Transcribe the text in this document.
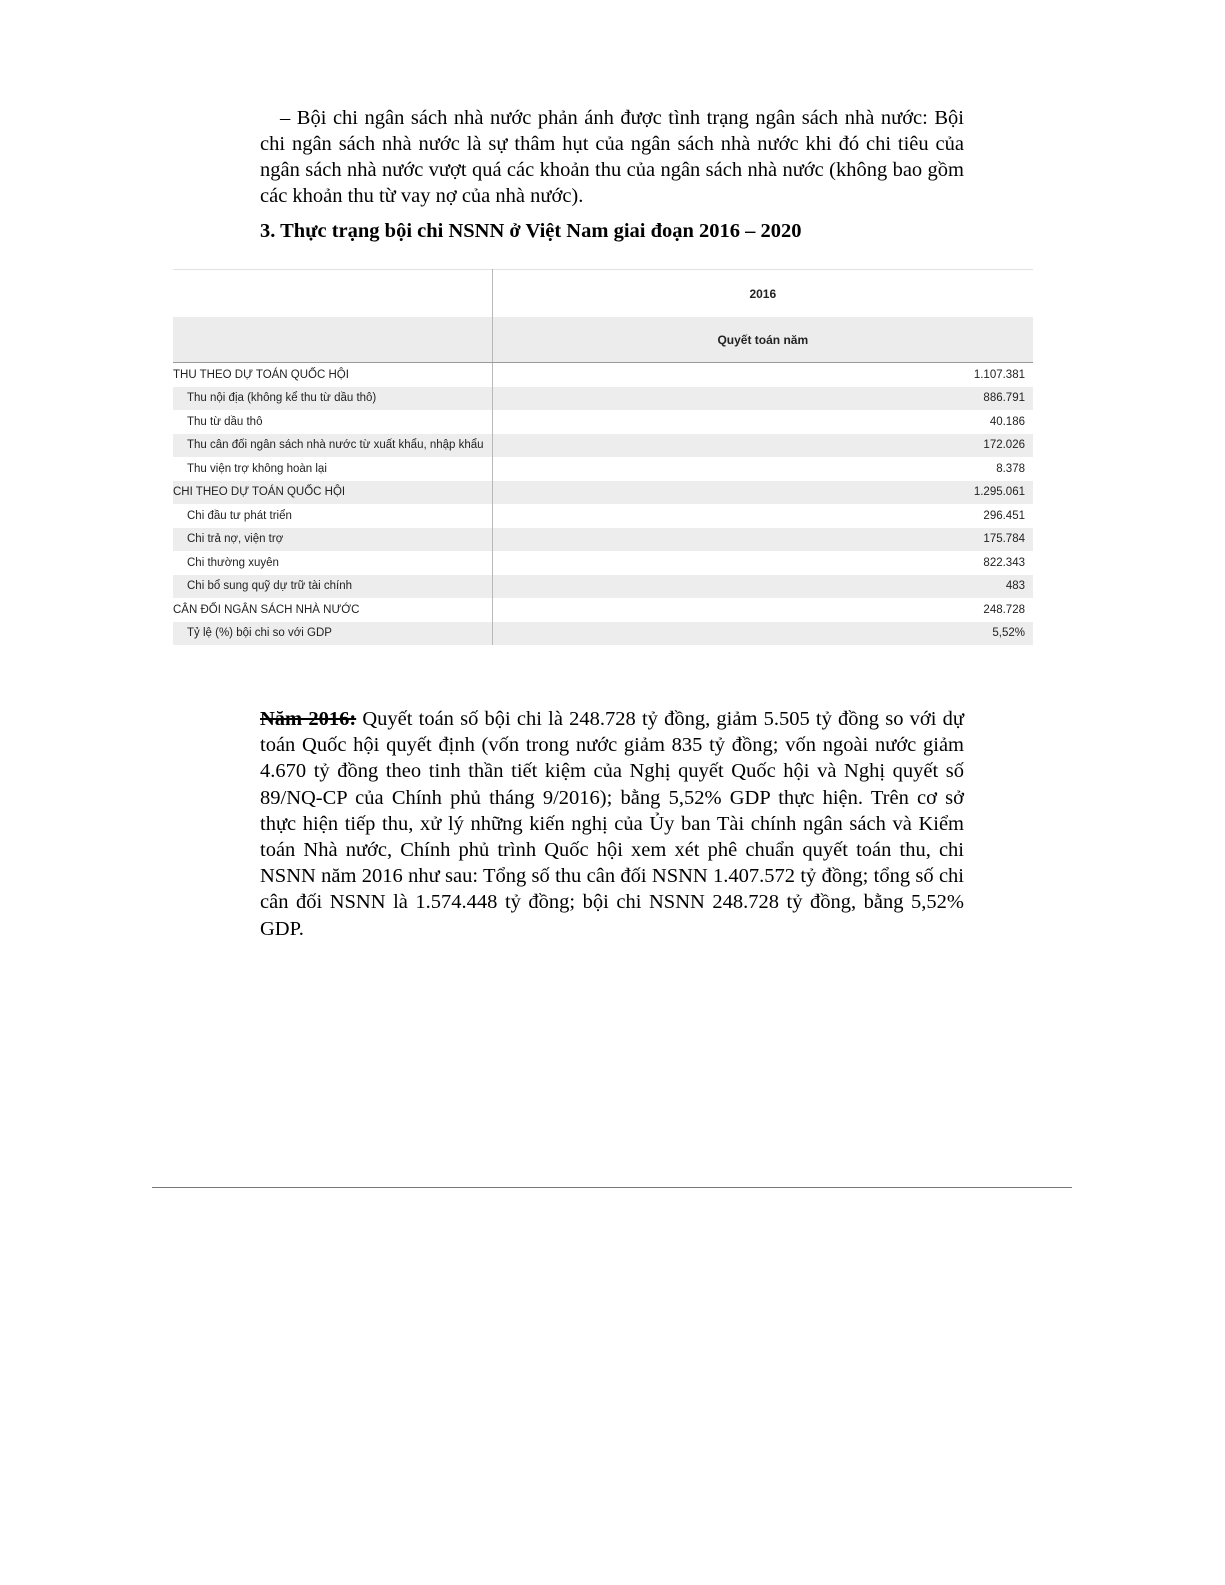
– Bội chi ngân sách nhà nước phản ánh được tình trạng ngân sách nhà nước: Bội chi ngân sách nhà nước là sự thâm hụt của ngân sách nhà nước khi đó chi tiêu của ngân sách nhà nước vượt quá các khoản thu của ngân sách nhà nước (không bao gồm các khoản thu từ vay nợ của nhà nước).

3. Thực trạng bội chi NSNN ở Việt Nam giai đoạn 2016 – 2020
	2016
	Quyết toán năm
THU THEO DỰ TOÁN QUỐC HỘI	1.107.381
Thu nội địa (không kể thu từ dầu thô)	886.791
Thu từ dầu thô	40.186
Thu cân đối ngân sách nhà nước từ xuất khẩu, nhập khẩu	172.026
Thu viện trợ không hoàn lại	8.378
CHI THEO DỰ TOÁN QUỐC HỘI	1.295.061
Chi đầu tư phát triển	296.451
Chi trả nợ, viện trợ	175.784
Chi thường xuyên	822.343
Chi bổ sung quỹ dự trữ tài chính	483
CÂN ĐỐI NGÂN SÁCH NHÀ NƯỚC	248.728
Tỷ lệ (%) bội chi so với GDP	5,52%

Năm 2016: Quyết toán số bội chi là 248.728 tỷ đồng, giảm 5.505 tỷ đồng so với dự toán Quốc hội quyết định (vốn trong nước giảm 835 tỷ đồng; vốn ngoài nước giảm 4.670 tỷ đồng theo tinh thần tiết kiệm của Nghị quyết Quốc hội và Nghị quyết số 89/NQ-CP của Chính phủ tháng 9/2016); bằng 5,52% GDP thực hiện. Trên cơ sở thực hiện tiếp thu, xử lý những kiến nghị của Ủy ban Tài chính ngân sách và Kiểm toán Nhà nước, Chính phủ trình Quốc hội xem xét phê chuẩn quyết toán thu, chi NSNN năm 2016 như sau: Tổng số thu cân đối NSNN 1.407.572 tỷ đồng; tổng số chi cân đối NSNN là 1.574.448 tỷ đồng; bội chi NSNN 248.728 tỷ đồng, bằng 5,52% GDP.
